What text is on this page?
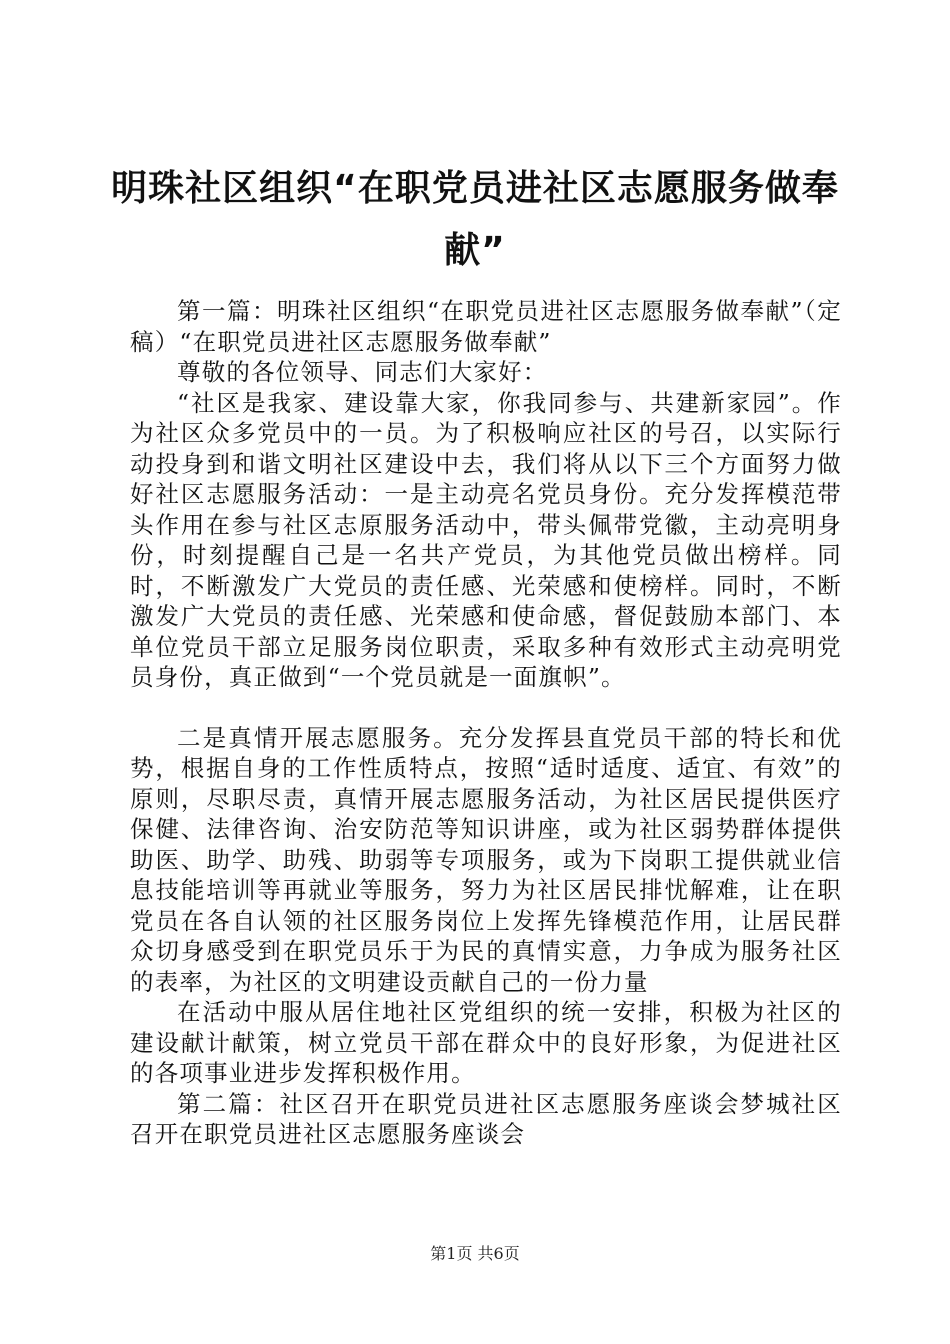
明珠社区组织“在职党员进社区志愿服务做奉献”

第一篇：明珠社区组织“在职党员进社区志愿服务做奉献”（定稿）“在职党员进社区志愿服务做奉献”

尊敬的各位领导、同志们大家好：

“社区是我家、建设靠大家，你我同参与、共建新家园”。作为社区众多党员中的一员。为了积极响应社区的号召，以实际行动投身到和谐文明社区建设中去，我们将从以下三个方面努力做好社区志愿服务活动：一是主动亮名党员身份。充分发挥模范带头作用在参与社区志原服务活动中，带头佩带党徽，主动亮明身份，时刻提醒自己是一名共产党员，为其他党员做出榜样。同时，不断激发广大党员的责任感、光荣感和使榜样。同时，不断激发广大党员的责任感、光荣感和使命感，督促鼓励本部门、本单位党员干部立足服务岗位职责，采取多种有效形式主动亮明党员身份，真正做到“一个党员就是一面旗帜”。

二是真情开展志愿服务。充分发挥县直党员干部的特长和优势，根据自身的工作性质特点，按照“适时适度、适宜、有效”的原则，尽职尽责，真情开展志愿服务活动，为社区居民提供医疗保健、法律咨询、治安防范等知识讲座，或为社区弱势群体提供助医、助学、助残、助弱等专项服务，或为下岗职工提供就业信息技能培训等再就业等服务，努力为社区居民排忧解难，让在职党员在各自认领的社区服务岗位上发挥先锋模范作用，让居民群众切身感受到在职党员乐于为民的真情实意，力争成为服务社区的表率，为社区的文明建设贡献自己的一份力量

在活动中服从居住地社区党组织的统一安排，积极为社区的建设献计献策，树立党员干部在群众中的良好形象，为促进社区的各项事业进步发挥积极作用。

第二篇：社区召开在职党员进社区志愿服务座谈会梦城社区召开在职党员进社区志愿服务座谈会

第1页 共6页
